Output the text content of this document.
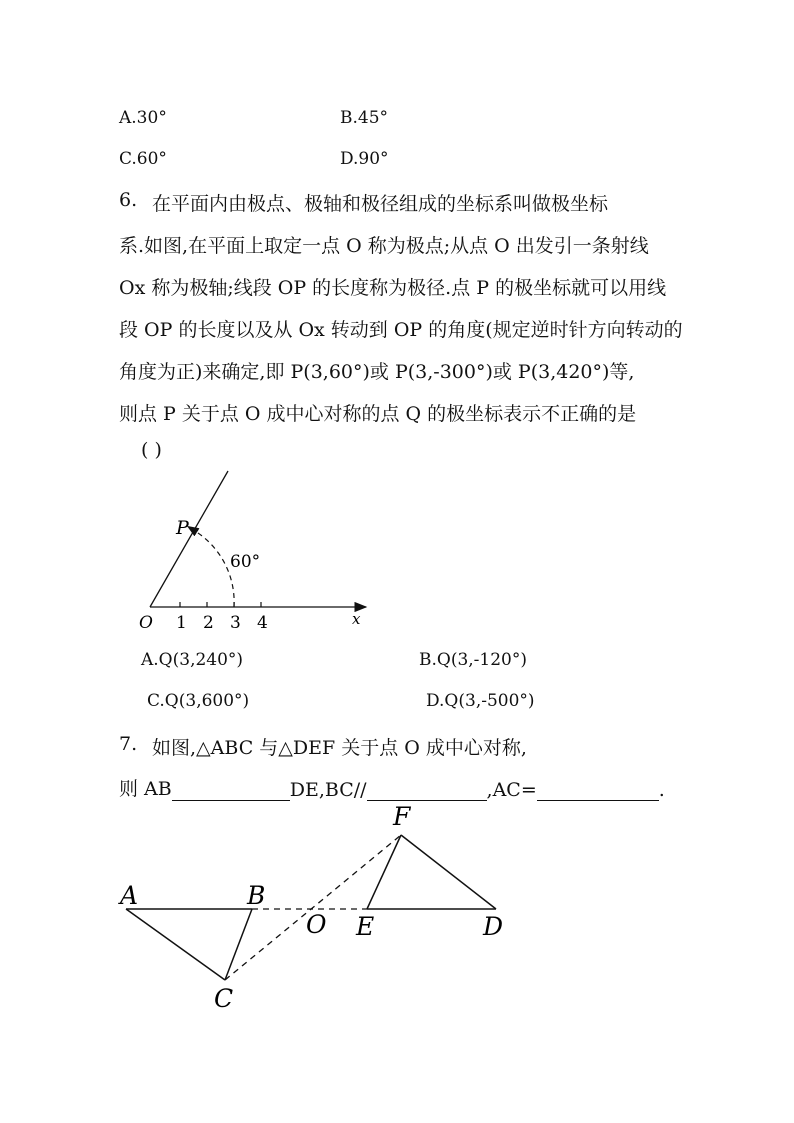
A.30°	B.45°
C.60°	D.90°
6. 在平面内由极点、极轴和极径组成的坐标系叫做极坐标
系.如图,在平面上取定一点 O 称为极点;从点 O 出发引一条射线
Ox 称为极轴;线段 OP 的长度称为极径.点 P 的极坐标就可以用线
段 OP 的长度以及从 Ox 转动到 OP 的角度(规定逆时针方向转动的
角度为正)来确定,即 P(3,60°)或 P(3,-300°)或 P(3,420°)等,
则点 P 关于点 O 成中心对称的点 Q 的极坐标表示不正确的是
( )
P
60°
O 1 2 3 4	x
A.Q(3,240°)	B.Q(3,-120°)
C.Q(3,600°)	D.Q(3,-500°)
7. 如图,△ABC 与△DEF 关于点 O 成中心对称,
则 AB	DE,BC//	,AC=	.
A	B
C
D
E
F
O
